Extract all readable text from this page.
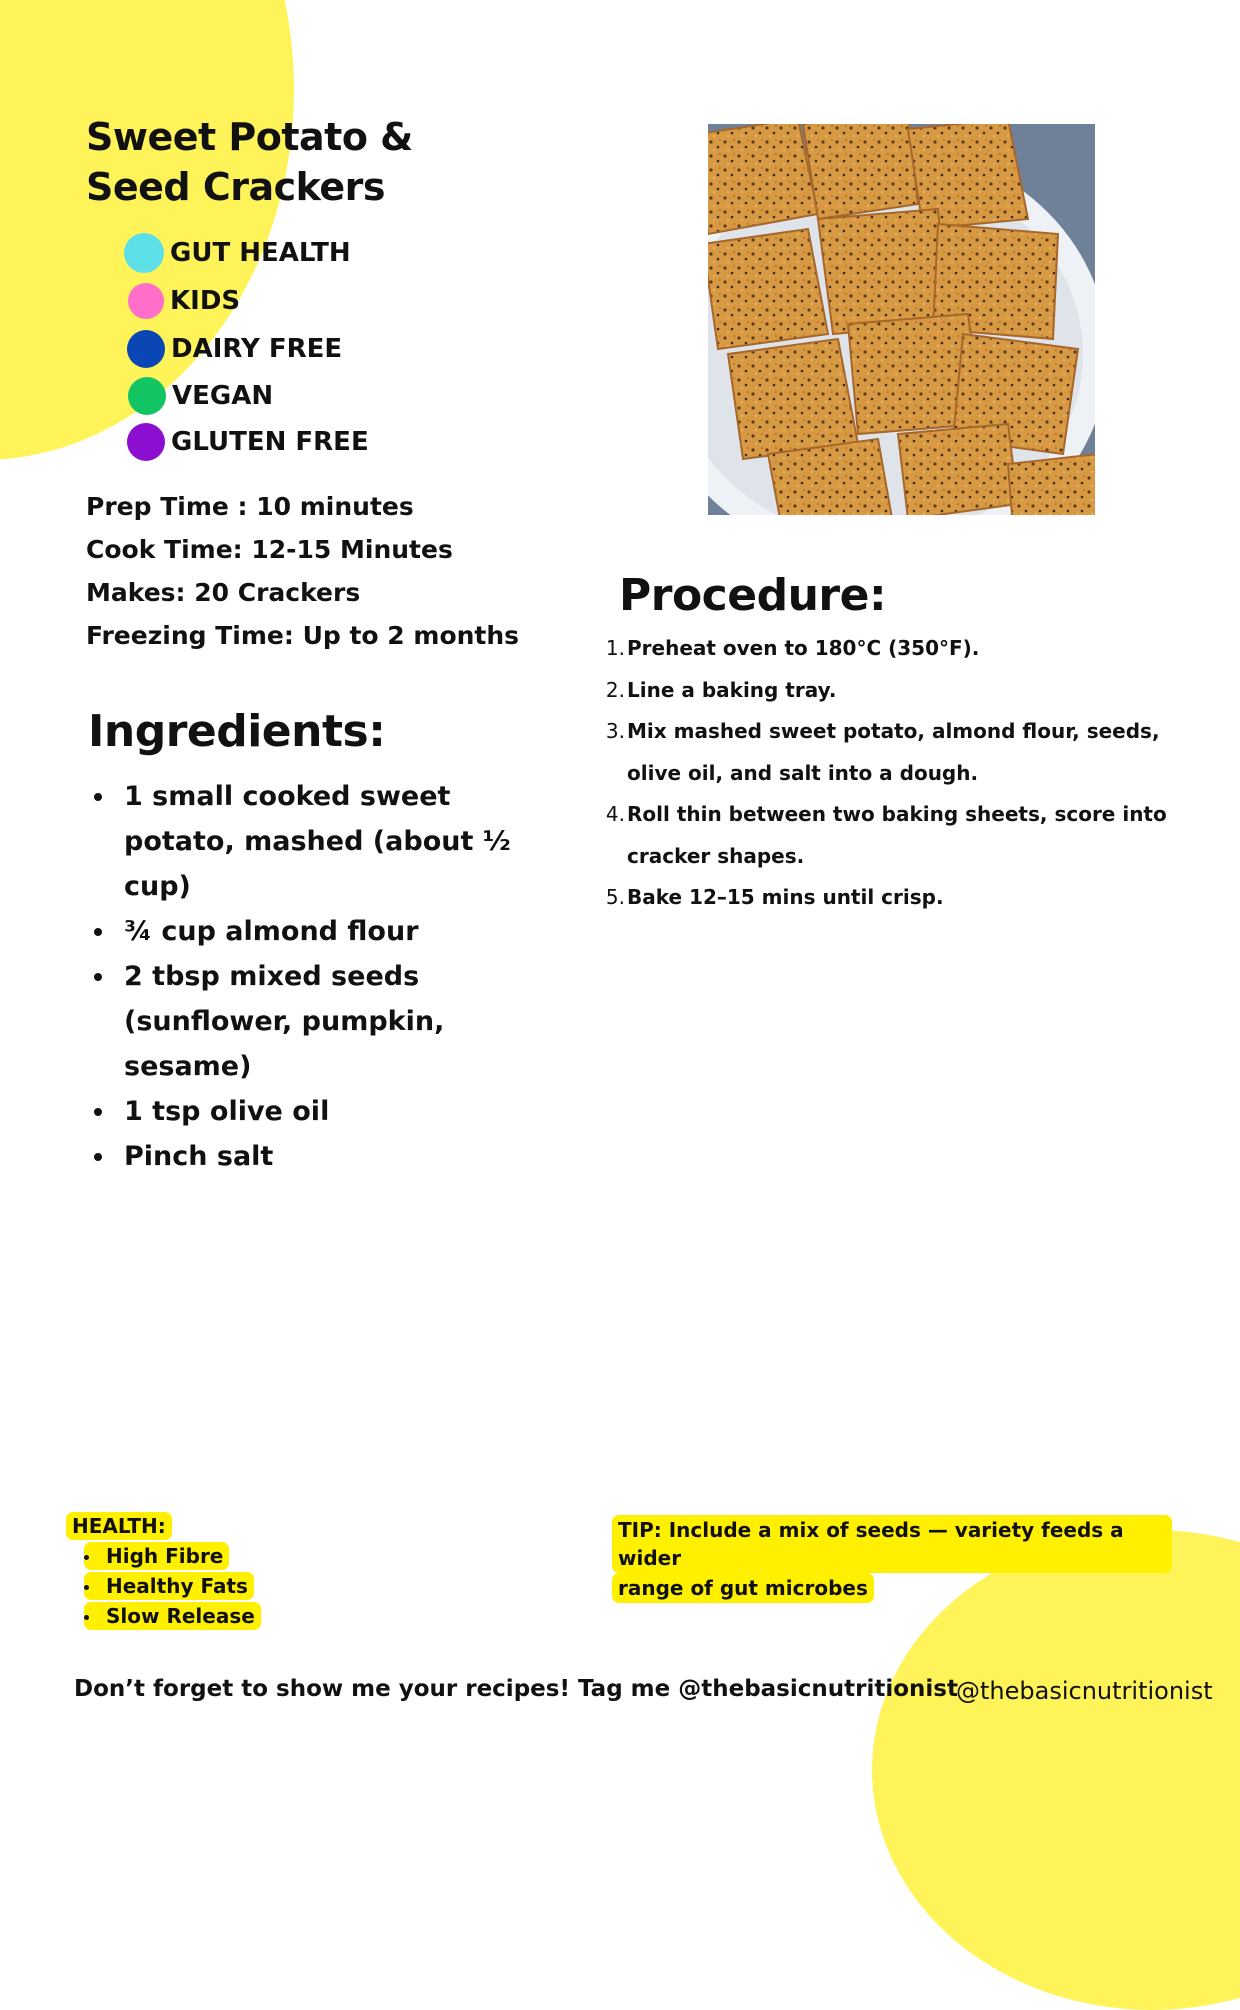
Sweet Potato & Seed Crackers
GUT HEALTH
KIDS
DAIRY FREE
VEGAN
GLUTEN FREE
Prep Time : 10 minutes
Cook Time: 12-15 Minutes
Makes: 20 Crackers
Freezing Time: Up to 2 months
Ingredients:
1 small cooked sweet potato, mashed (about ½ cup)
¾ cup almond flour
2 tbsp mixed seeds (sunflower, pumpkin, sesame)
1 tsp olive oil
Pinch salt
Procedure:
1. Preheat oven to 180°C (350°F).
2. Line a baking tray.
3. Mix mashed sweet potato, almond flour, seeds, olive oil, and salt into a dough.
4. Roll thin between two baking sheets, score into cracker shapes.
5. Bake 12–15 mins until crisp.
HEALTH:
High Fibre
Healthy Fats
Slow Release
TIP: Include a mix of seeds — variety feeds a wider
range of gut microbes

Don’t forget to show me your recipes! Tag me @thebasicnutritionist

@thebasicnutritionist
